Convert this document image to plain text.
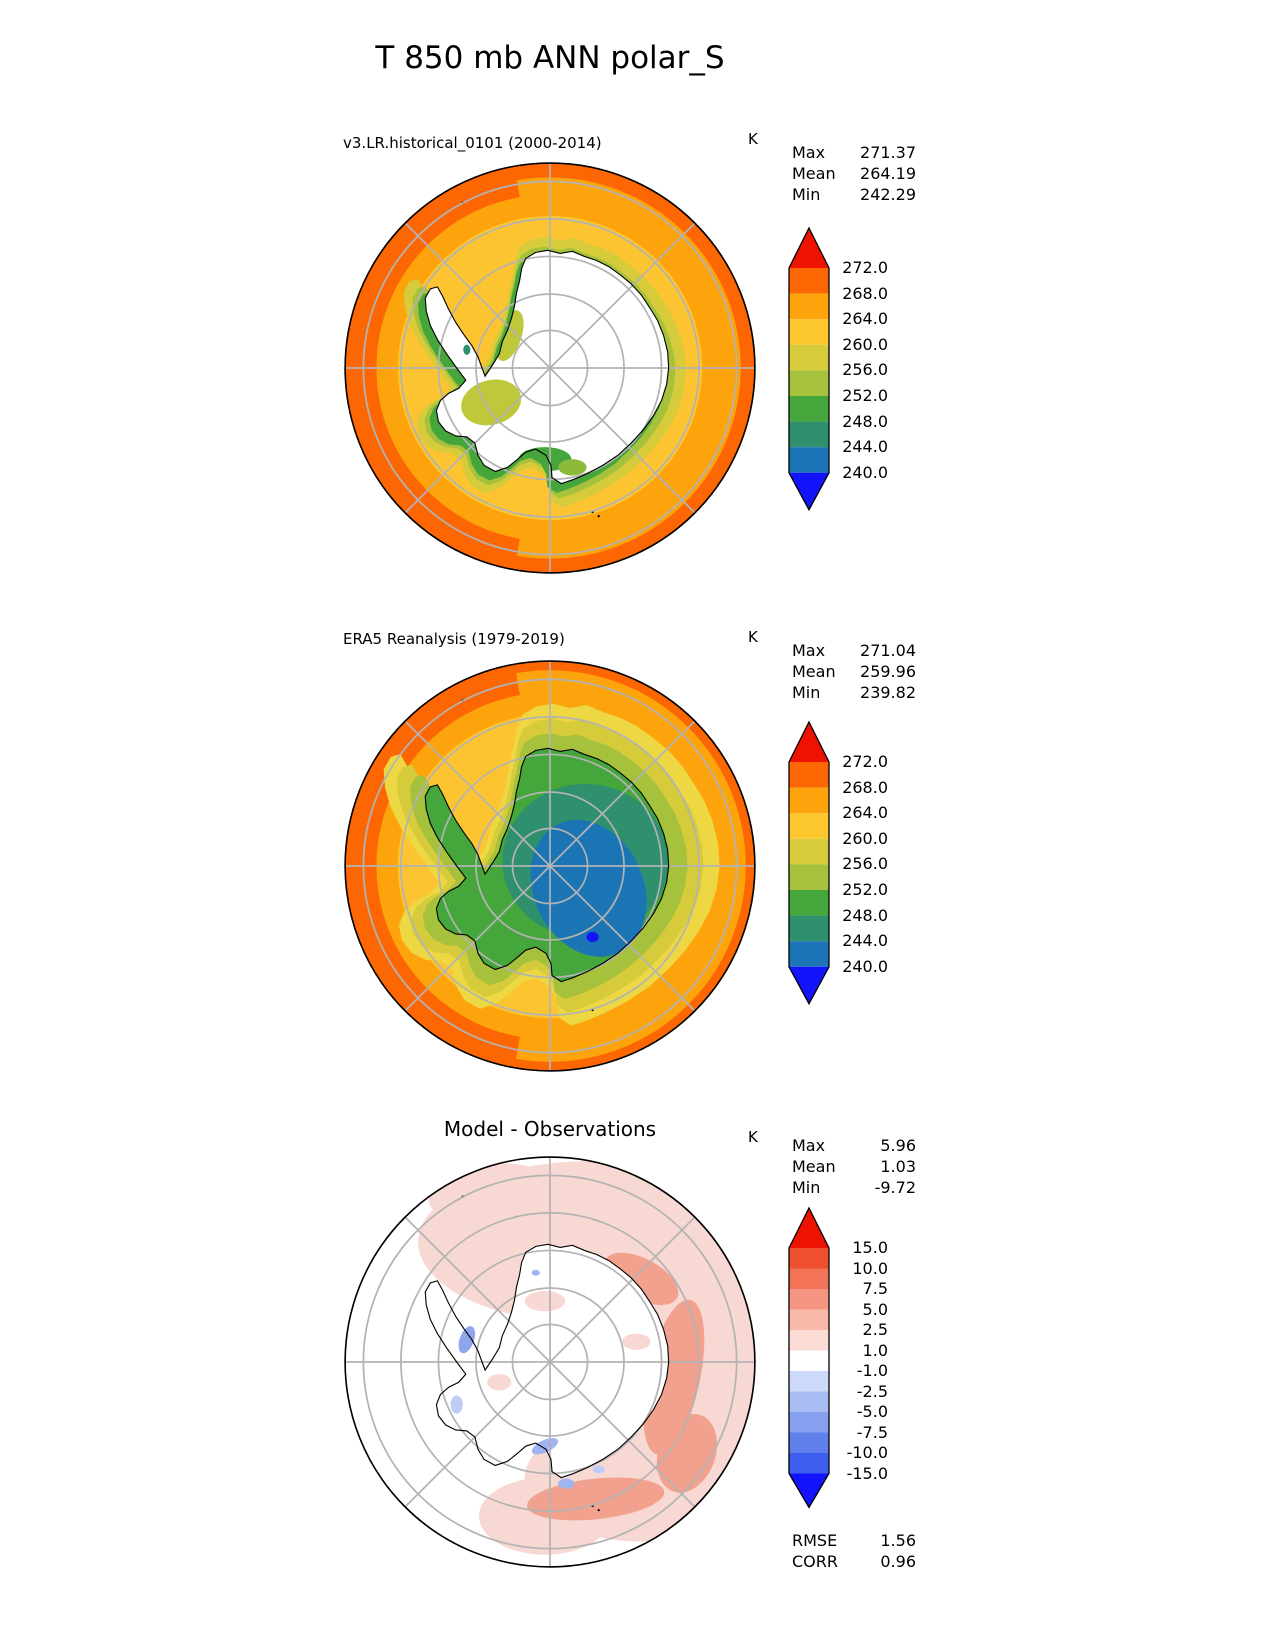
T 850 mb ANN polar_S
v3.LR.historical_0101 (2000-2014)	K
Max 271.37
Mean 264.19
Min 242.29
272.0
268.0
264.0
260.0
256.0
252.0
248.0
244.0
240.0
ERA5 Reanalysis (1979-2019)	K
Max 271.04
Mean 259.96
Min 239.82
272.0
268.0
264.0
260.0
256.0
252.0
248.0
244.0
240.0
Model - Observations	K Max	5.96
Mean	1.03
Min	-9.72
15.0
10.0
7.5
5.0
2.5
1.0
-1.0
-2.5
-5.0
-7.5
-10.0
-15.0
RMSE	1.56
CORR	0.96
